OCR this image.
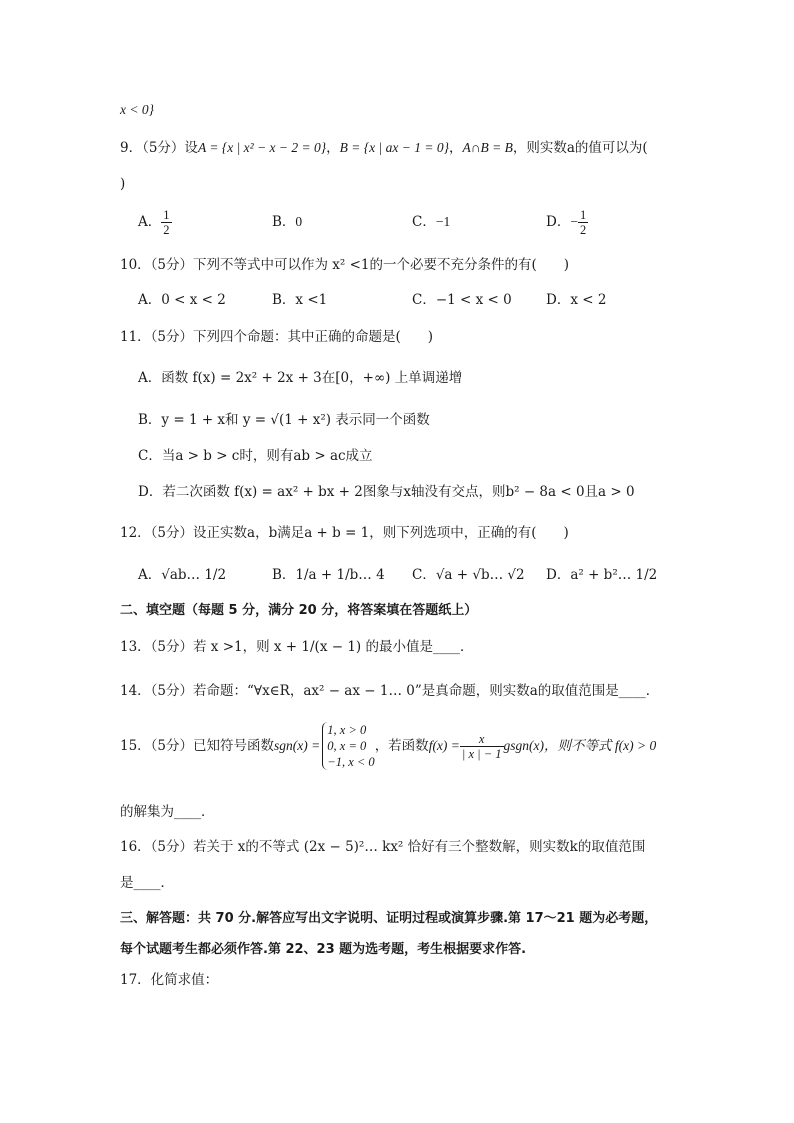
x < 0}
9．（5分）设A = {x | x² − x − 2 = 0}，B = {x | ax − 1 = 0}，A∩B = B，则实数a的值可以为(
)
A． $\frac{1}{2}$	B．0	C．−1	D．− $\frac{1}{2}$
10．（5分）下列不等式中可以作为 x² <1的一个必要不充分条件的有(　　)
A．0 < x < 2	B．x <1	C．−1 < x < 0	D．x < 2
11．（5分）下列四个命题：其中正确的命题是(　　)
A．函数 f(x) = 2x² + 2x + 3在[0，+∞) 上单调递增
B．y = 1 + x和 y = √(1 + x²) 表示同一个函数
C．当a > b > c时，则有ab > ac成立
D．若二次函数 f(x) = ax² + bx + 2图象与x轴没有交点，则b² − 8a < 0且a > 0
12．（5分）设正实数a，b满足a + b = 1，则下列选项中，正确的有(　　)
A．√ab… 1/2	B．1/a + 1/b… 4 C．√a + √b… √2 D．a² + b²… 1/2
二、填空题（每题 5 分，满分 20 分，将答案填在答题纸上）
13．（5分）若 x >1，则 x + 1/(x − 1) 的最小值是____．
14．（5分）若命题：“∀x∈R，ax² − ax − 1… 0”是真命题，则实数a的取值范围是____．
15．（5分）已知符号函数sgn(x) =
1, x > 0
0, x = 0
−1, x < 0
，若函数$f(x) = \frac{x}{| x | - 1}$ gsgn(x)，则不等式 f(x) > 0
的解集为____．
16．（5分）若关于 x的不等式 (2x − 5)²… kx² 恰好有三个整数解，则实数k的取值范围
是____．
三、解答题：共 70 分.解答应写出文字说明、证明过程或演算步骤.第 17～21 题为必考题，
每个试题考生都必须作答.第 22、23 题为选考题，考生根据要求作答.
17．化简求值：
